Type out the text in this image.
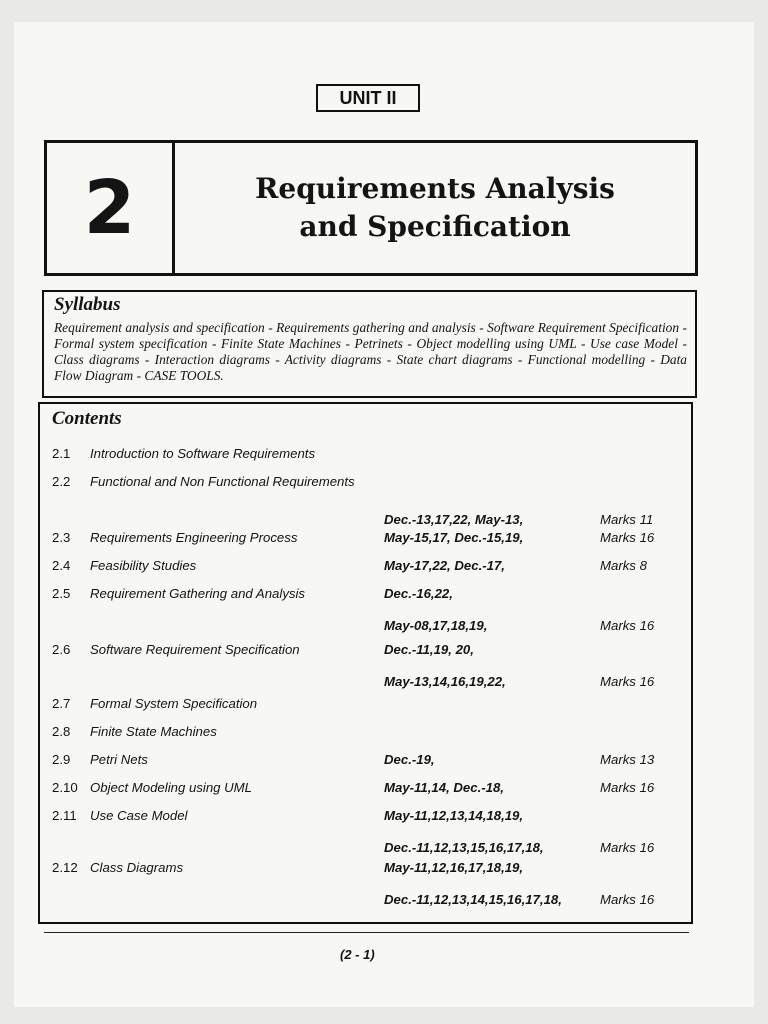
UNIT II
2	Requirements Analysis
and Specification
Syllabus
Requirement analysis and specification - Requirements gathering and analysis - Software Requirement Specification - Formal system specification - Finite State Machines - Petrinets - Object modelling using UML - Use case Model - Class diagrams - Interaction diagrams - Activity diagrams - State chart diagrams - Functional modelling - Data Flow Diagram - CASE TOOLS.
Contents
2.1 Introduction to Software Requirements
2.2 Functional and Non Functional Requirements
Dec.-13,17,22, May-13,	Marks 11
2.3 Requirements Engineering Process	May-15,17, Dec.-15,19,	Marks 16
2.4 Feasibility Studies	May-17,22, Dec.-17,	Marks 8
2.5 Requirement Gathering and Analysis	Dec.-16,22,
May-08,17,18,19,	Marks 16
2.6 Software Requirement Specification	Dec.-11,19, 20,
May-13,14,16,19,22,	Marks 16
2.7 Formal System Specification
2.8 Finite State Machines
2.9 Petri Nets	Dec.-19,	Marks 13
2.10 Object Modeling using UML	May-11,14, Dec.-18,	Marks 16
2.11 Use Case Model	May-11,12,13,14,18,19,
Dec.-11,12,13,15,16,17,18,	Marks 16
2.12 Class Diagrams	May-11,12,16,17,18,19,
Dec.-11,12,13,14,15,16,17,18,	Marks 16
(2 - 1)
